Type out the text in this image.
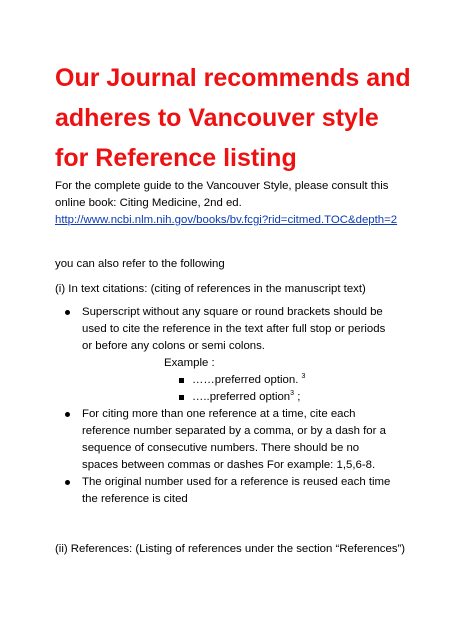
Our Journal recommends and adheres to Vancouver style for Reference listing

For the complete guide to the Vancouver Style, please consult this online book: Citing Medicine, 2nd ed.
http://www.ncbi.nlm.nih.gov/books/bv.fcgi?rid=citmed.TOC&depth=2

you can also refer to the following

(i) In text citations: (citing of references in the manuscript text)

Superscript without any square or round brackets should be used to cite the reference in the text after full stop or periods or before any colons or semi colons.
Example :
……preferred option. $^3$
…..preferred option$^3$ ;
For citing more than one reference at a time, cite each reference number separated by a comma, or by a dash for a sequence of consecutive numbers. There should be no spaces between commas or dashes For example: 1,5,6-8.
The original number used for a reference is reused each time the reference is cited

(ii) References: (Listing of references under the section “References”)
